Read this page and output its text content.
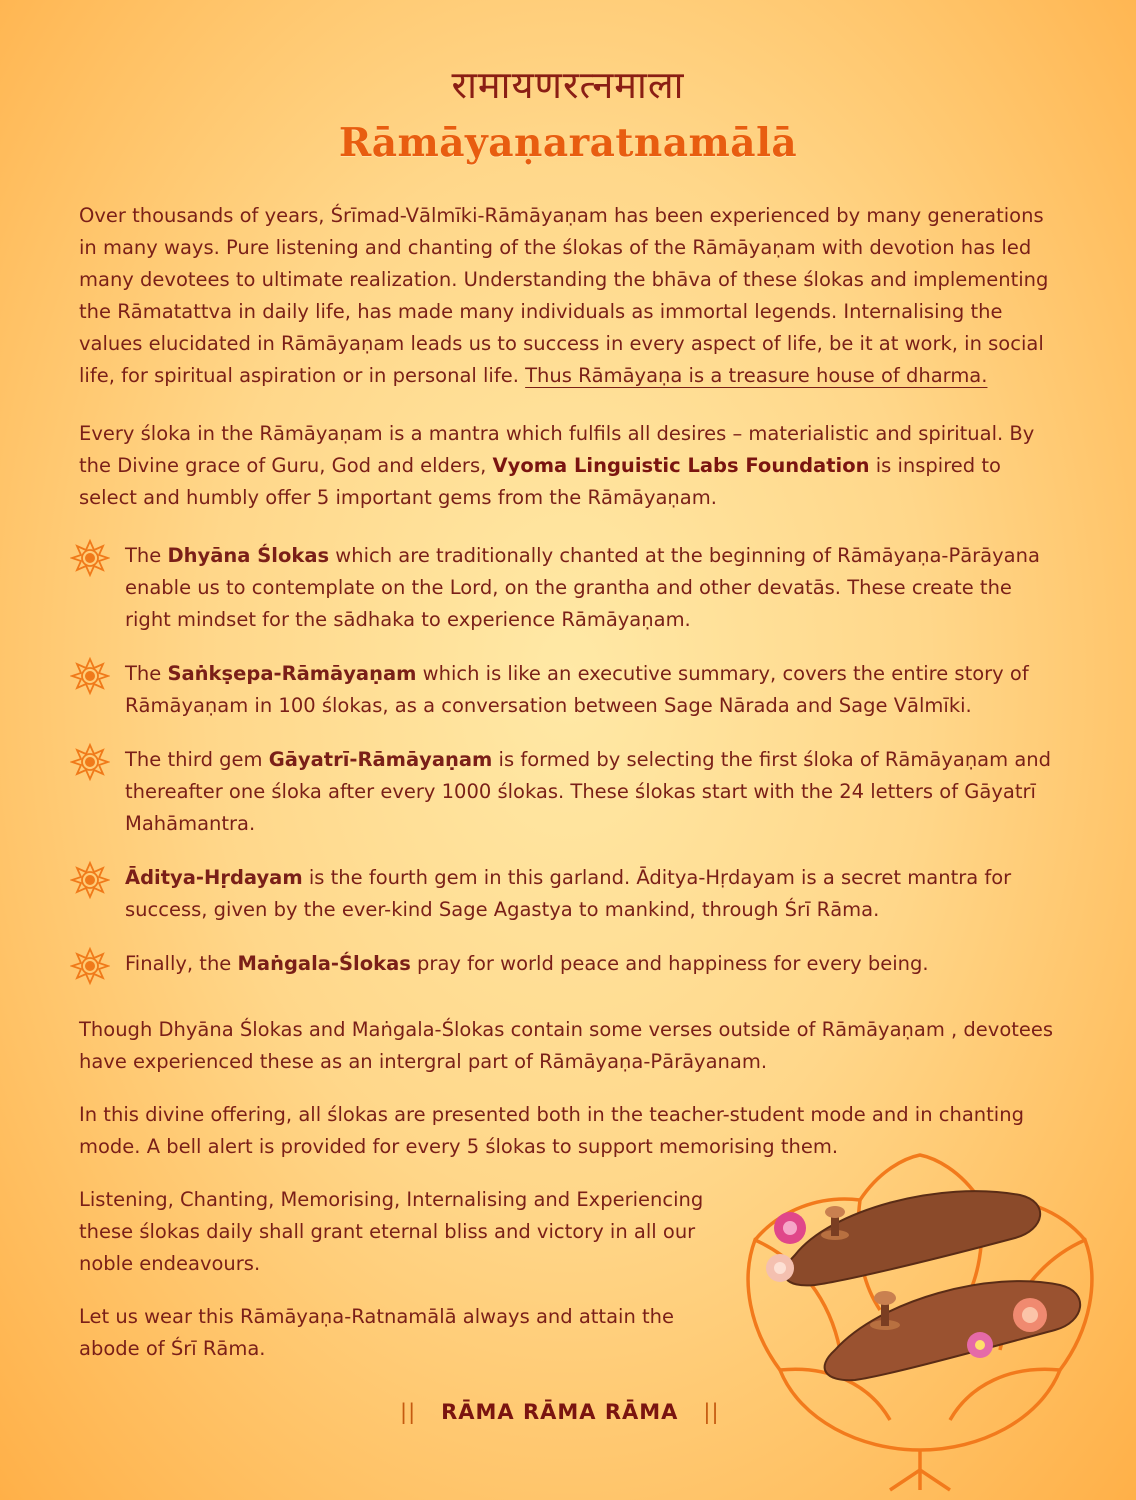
रामायणरत्नमाला
Rāmāyaṇaratnamālā
Over thousands of years, Śrīmad-Vālmīki-Rāmāyaṇam has been experienced by many generations in many ways. Pure listening and chanting of the ślokas of the Rāmāyaṇam with devotion has led many devotees to ultimate realization. Understanding the bhāva of these ślokas and implementing the Rāmatattva in daily life, has made many individuals as immortal legends. Internalising the values elucidated in Rāmāyaṇam leads us to success in every aspect of life, be it at work, in social life, for spiritual aspiration or in personal life. Thus Rāmāyaṇa is a treasure house of dharma.
Every śloka in the Rāmāyaṇam is a mantra which fulfils all desires – materialistic and spiritual. By the Divine grace of Guru, God and elders, Vyoma Linguistic Labs Foundation is inspired to select and humbly offer 5 important gems from the Rāmāyaṇam.
The Dhyāna Ślokas which are traditionally chanted at the beginning of Rāmāyaṇa-Pārāyana enable us to contemplate on the Lord, on the grantha and other devatās. These create the right mindset for the sādhaka to experience Rāmāyaṇam.
The Saṅkṣepa-Rāmāyaṇam which is like an executive summary, covers the entire story of Rāmāyaṇam in 100 ślokas, as a conversation between Sage Nārada and Sage Vālmīki.
The third gem Gāyatrī-Rāmāyaṇam is formed by selecting the first śloka of Rāmāyaṇam and thereafter one śloka after every 1000 ślokas. These ślokas start with the 24 letters of Gāyatrī Mahāmantra.
Āditya-Hṛdayam is the fourth gem in this garland. Āditya-Hṛdayam is a secret mantra for success, given by the ever-kind Sage Agastya to mankind, through Śrī Rāma.
Finally, the Maṅgala-Ślokas pray for world peace and happiness for every being.
Though Dhyāna Ślokas and Maṅgala-Ślokas contain some verses outside of Rāmāyaṇam , devotees have experienced these as an intergral part of Rāmāyaṇa-Pārāyanam.
In this divine offering, all ślokas are presented both in the teacher-student mode and in chanting mode. A bell alert is provided for every 5 ślokas to support memorising them.
Listening, Chanting, Memorising, Internalising and Experiencing these ślokas daily shall grant eternal bliss and victory in all our noble endeavours.
Let us wear this Rāmāyaṇa-Ratnamālā always and attain the abode of Śrī Rāma.
|| RĀMA RĀMA RĀMA ||
